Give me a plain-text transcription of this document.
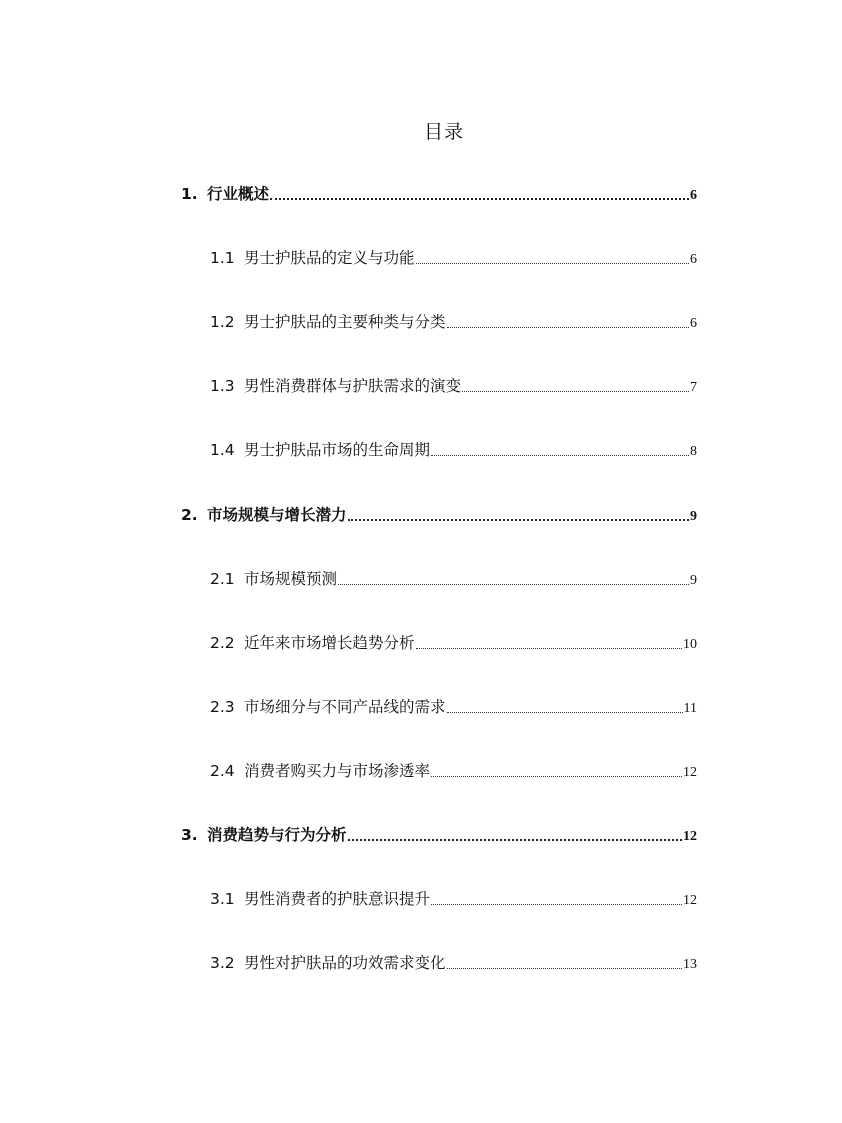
目录
1. 行业概述	6
1.1 男士护肤品的定义与功能	6
1.2 男士护肤品的主要种类与分类	6
1.3 男性消费群体与护肤需求的演变	7
1.4 男士护肤品市场的生命周期	8
2. 市场规模与增长潜力	9
2.1 市场规模预测	9
2.2 近年来市场增长趋势分析	10
2.3 市场细分与不同产品线的需求	11
2.4 消费者购买力与市场渗透率	12
3. 消费趋势与行为分析	12
3.1 男性消费者的护肤意识提升	12
3.2 男性对护肤品的功效需求变化	13
